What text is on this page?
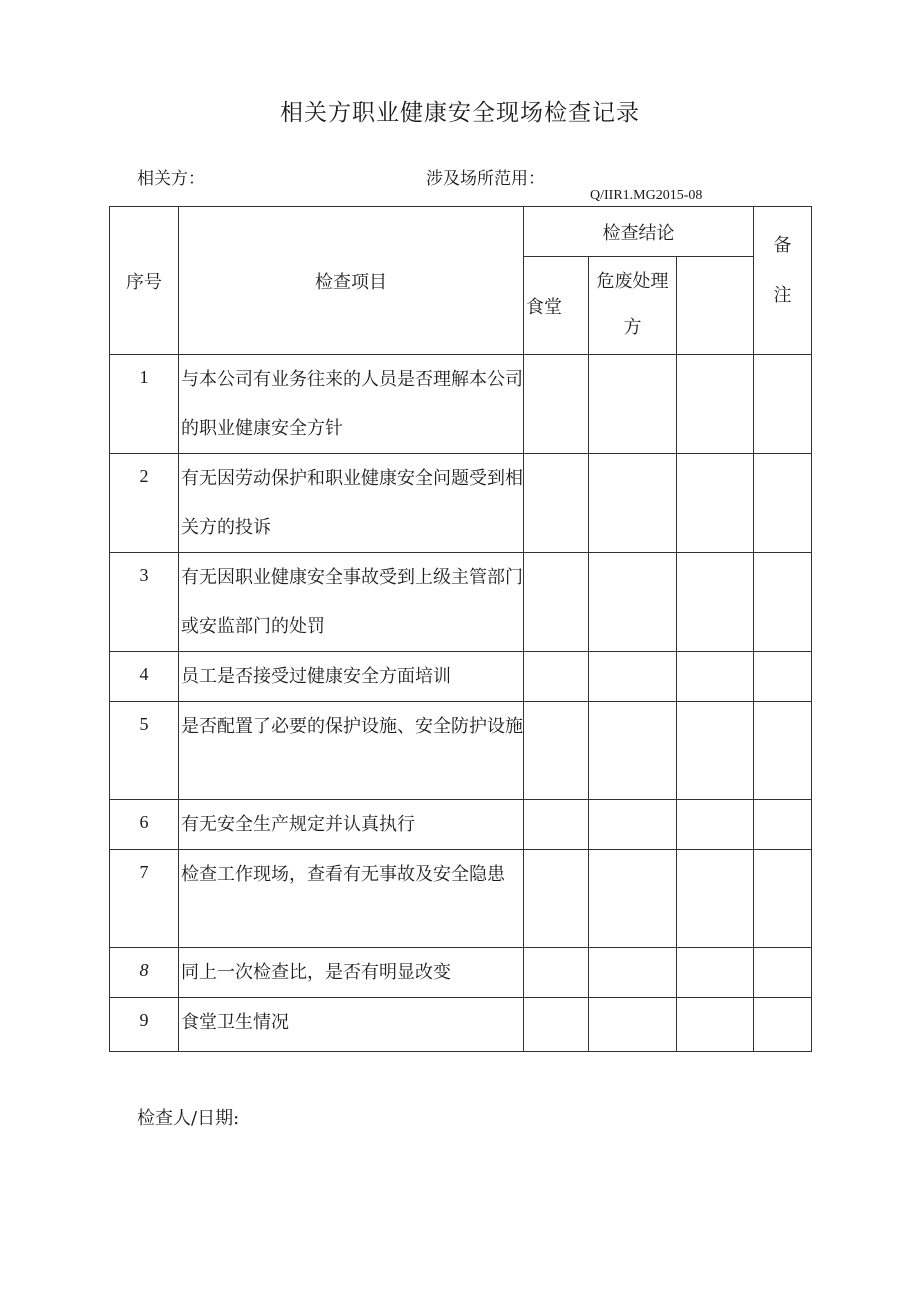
相关方职业健康安全现场检查记录
相关方：	涉及场所范用：
Q/IIR1.MG2015-08
序号	检查项目	检查结论			备注

		食堂	危废处理方		

1	与本公司有业务往来的人员是否理解本公司的职业健康安全方针				
2	有无因劳动保护和职业健康安全问题受到相关方的投诉				
3	有无因职业健康安全事故受到上级主管部门或安监部门的处罚				
4	员工是否接受过健康安全方面培训				
5	是否配置了必要的保护设施、安全防护设施				
6	有无安全生产规定并认真执行				
7	检查工作现场，查看有无事故及安全隐患				
8	同上一次检查比，是否有明显改变				
9	食堂卫生情况				
检查人/日期:
